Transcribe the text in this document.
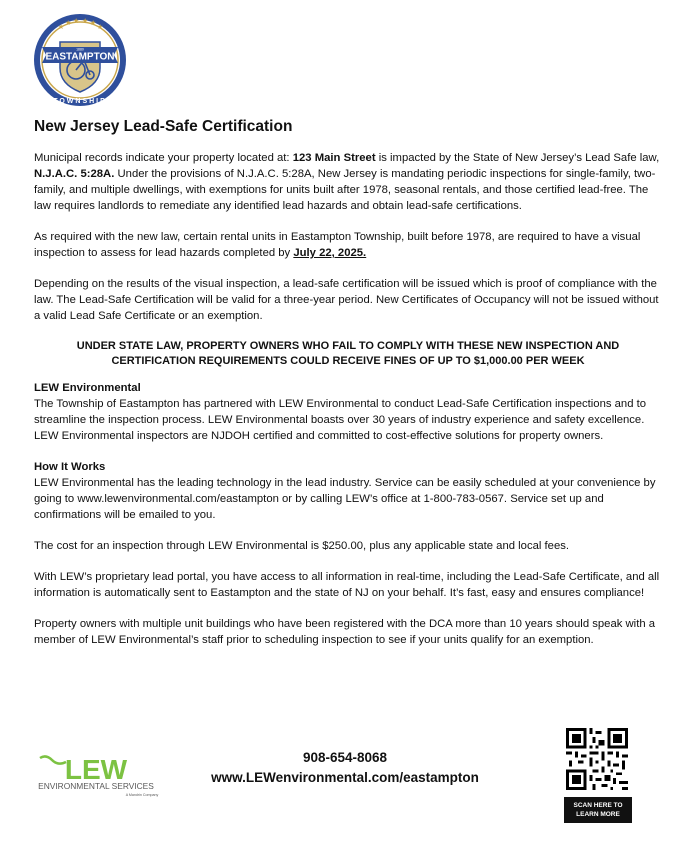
★ ★ ★ ★ ★ ★
1880
EASTAMPTON
TOWNSHIP
New Jersey Lead-Safe Certification

Municipal records indicate your property located at: 123 Main Street is impacted by the State of New Jersey’s Lead Safe law, N.J.A.C. 5:28A. Under the provisions of N.J.A.C. 5:28A, New Jersey is mandating periodic inspections for single-family, two-family, and multiple dwellings, with exemptions for units built after 1978, seasonal rentals, and those certified lead-free. The law requires landlords to remediate any identified lead hazards and obtain lead-safe certifications.

As required with the new law, certain rental units in Eastampton Township, built before 1978, are required to have a visual inspection to assess for lead hazards completed by July 22, 2025.

Depending on the results of the visual inspection, a lead-safe certification will be issued which is proof of compliance with the law. The Lead-Safe Certification will be valid for a three-year period. New Certificates of Occupancy will not be issued without a valid Lead Safe Certificate or an exemption.

UNDER STATE LAW, PROPERTY OWNERS WHO FAIL TO COMPLY WITH THESE NEW INSPECTION AND CERTIFICATION REQUIREMENTS COULD RECEIVE FINES OF UP TO $1,000.00 PER WEEK

LEW Environmental
The Township of Eastampton has partnered with LEW Environmental to conduct Lead-Safe Certification inspections and to streamline the inspection process. LEW Environmental boasts over 30 years of industry experience and safety excellence. LEW Environmental inspectors are NJDOH certified and committed to cost-effective solutions for property owners.
How It Works
LEW Environmental has the leading technology in the lead industry. Service can be easily scheduled at your convenience by going to www.lewenvironmental.com/eastampton or by calling LEW’s office at 1-800-783-0567. Service set up and confirmations will be emailed to you.

The cost for an inspection through LEW Environmental is $250.00, plus any applicable state and local fees.

With LEW’s proprietary lead portal, you have access to all information in real-time, including the Lead-Safe Certificate, and all information is automatically sent to Eastampton and the state of NJ on your behalf. It’s fast, easy and ensures compliance!

Property owners with multiple unit buildings who have been registered with the DCA more than 10 years should speak with a member of LEW Environmental’s staff prior to scheduling inspection to see if your units qualify for an exemption.

LEW
ENVIRONMENTAL SERVICES
A Mandrin Company
908-654-8068
www.LEWenvironmental.com/eastampton
SCAN HERE TO
LEARN MORE
